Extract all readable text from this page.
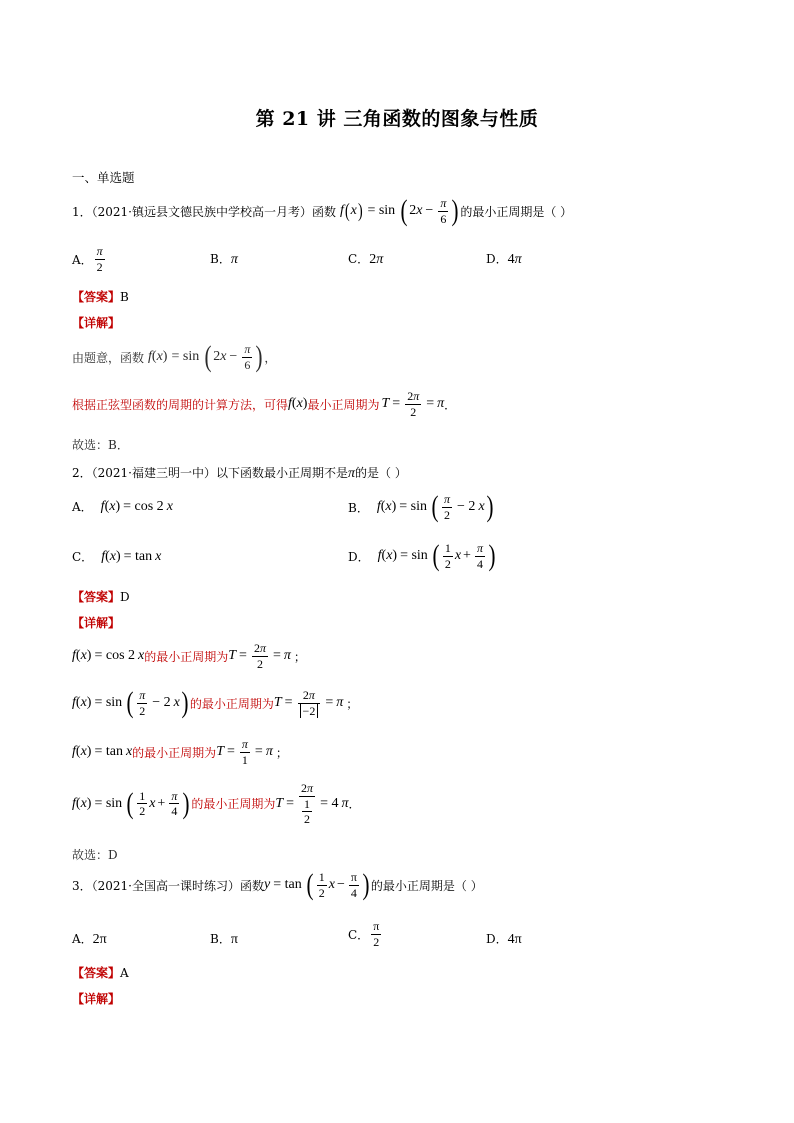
第 21 讲 三角函数的图象与性质
一、单选题
1．（2021·镇远县文德民族中学校高一月考）函数 f ( x ) = sin ( 2 $x - \frac{\pi}{6}$ ) 的最小正周期是（ ）
A． $\frac{\pi}{2}$	B．π	C．2π	D．4π
【答案】B
【详解】
由题意，函数 f ( x ) = sin ( 2 $x - \frac{\pi}{6}$ ) ，
根据正弦型函数的周期的计算方法，可得 f ( x ) 最小正周期为 $T = \frac{2\pi}{2} = \pi$ ．
故选：B．
2．（2021·福建三明一中）以下函数最小正周期不是π的是（ ）
A． f ( x ) = cos 2 x	B． f ( x ) = sin ( $\frac{\pi}{2} - 2$ x )
C． f ( x ) = tan x	D． f ( x ) = sin ( $\frac{1}{2}$ $x + \frac{\pi}{4}$ )
【答案】D
【详解】
f ( x ) = cos 2 x 的最小正周期为 $T = \frac{2\pi}{2} = \pi$ ；
f ( x ) = sin ( $\frac{\pi}{2} - 2$ x ) 的最小正周期为 $T = \frac{2\pi}{-2} = \pi$ ；
f ( x ) = tan x 的最小正周期为 $T = \frac{\pi}{1} = \pi$ ；
f ( x ) = sin ( $\frac{1}{2}$ $x + \frac{\pi}{4}$ ) 的最小正周期为 $T = \frac{2\pi}{\frac{1}{2}} = 4$ π ．
故选：D
3．（2021·全国高一课时练习）函数 y = tan ( $\frac{1}{2}$ $x - \frac{\pi}{4}$ ) 的最小正周期是（ ）
A．2π	B．π	C． $\frac{\pi}{2}$	D．4π
【答案】A
【详解】
